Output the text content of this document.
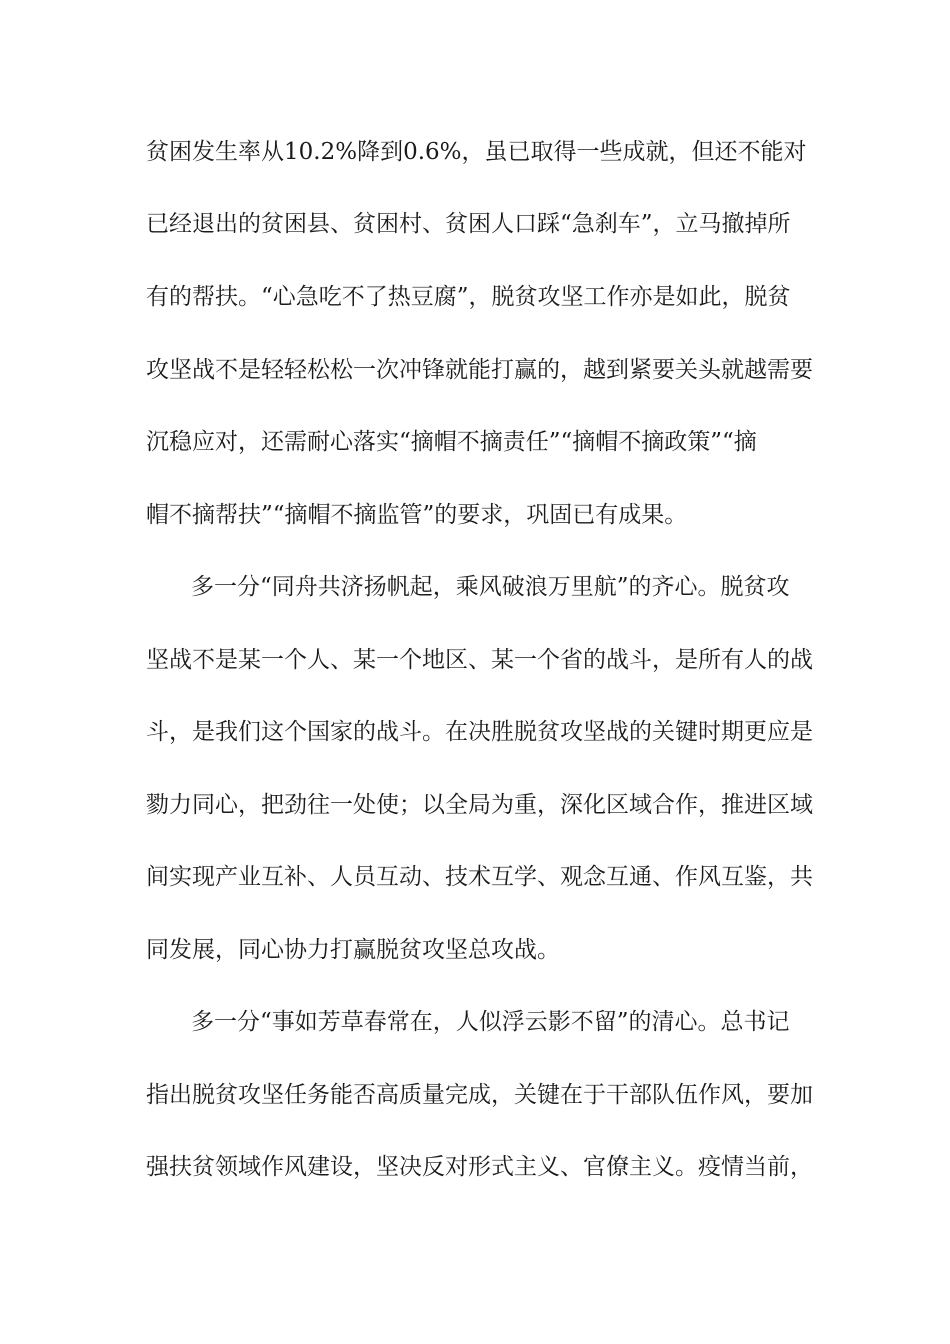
贫困发生率从10.2%降到0.6%，虽已取得一些成就，但还不能对
已经退出的贫困县、贫困村、贫困人口踩“急刹车”，立马撤掉所
有的帮扶。“心急吃不了热豆腐”，脱贫攻坚工作亦是如此，脱贫
攻坚战不是轻轻松松一次冲锋就能打赢的，越到紧要关头就越需要
沉稳应对，还需耐心落实“摘帽不摘责任”“摘帽不摘政策”“摘
帽不摘帮扶”“摘帽不摘监管”的要求，巩固已有成果。
多一分“同舟共济扬帆起，乘风破浪万里航”的齐心。脱贫攻
坚战不是某一个人、某一个地区、某一个省的战斗，是所有人的战
斗，是我们这个国家的战斗。在决胜脱贫攻坚战的关键时期更应是
勠力同心，把劲往一处使；以全局为重，深化区域合作，推进区域
间实现产业互补、人员互动、技术互学、观念互通、作风互鉴，共
同发展，同心协力打赢脱贫攻坚总攻战。
多一分“事如芳草春常在，人似浮云影不留”的清心。总书记
指出脱贫攻坚任务能否高质量完成，关键在于干部队伍作风，要加
强扶贫领域作风建设，坚决反对形式主义、官僚主义。疫情当前，
